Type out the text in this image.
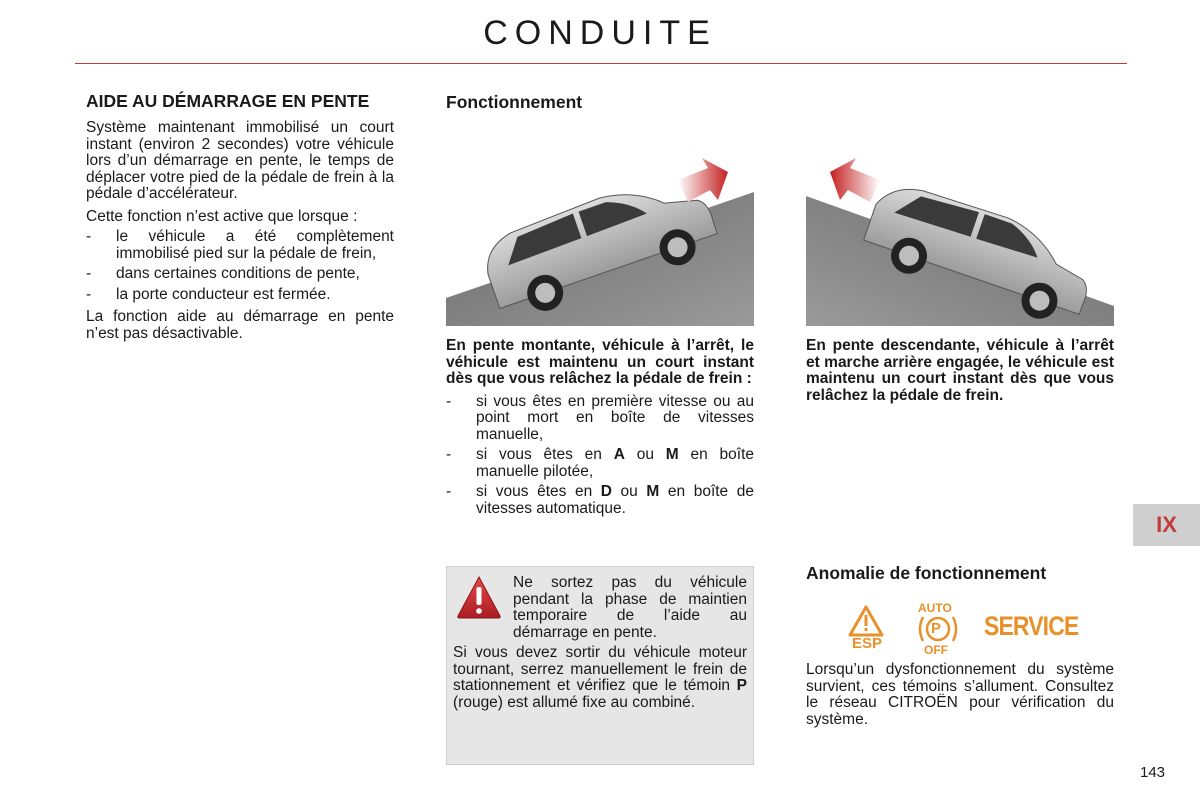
CONDUITE
AIDE AU DÉMARRAGE EN PENTE

Système maintenant immobilisé un court instant (environ 2 secondes) votre véhicule lors d’un démarrage en pente, le temps de déplacer votre pied de la pédale de frein à la pédale d’accélérateur.

Cette fonction n’est active que lorsque :

- le véhicule a été complètement immobilisé pied sur la pédale de frein,
- dans certaines conditions de pente,
- la porte conducteur est fermée.

La fonction aide au démarrage en pente n’est pas désactivable.

Fonctionnement

En pente montante, véhicule à l’arrêt, le véhicule est maintenu un court instant dès que vous relâchez la pédale de frein :

- si vous êtes en première vitesse ou au point mort en boîte de vitesses manuelle,
- si vous êtes en A ou M en boîte manuelle pilotée,
- si vous êtes en D ou M en boîte de vitesses automatique.

En pente descendante, véhicule à l’arrêt et marche arrière engagée, le véhicule est maintenu un court instant dès que vous relâchez la pédale de frein.

Ne sortez pas du véhicule pendant la phase de maintien temporaire de l’aide au démarrage en pente.

Si vous devez sortir du véhicule moteur tournant, serrez manuellement le frein de stationnement et vérifiez que le témoin P (rouge) est allumé fixe au combiné.

Anomalie de fonctionnement
ESP
AUTO
P
OFF
SERVICE

Lorsqu’un dysfonctionnement du système survient, ces témoins s’allument. Consultez le réseau CITROËN pour vérification du système.

IX
143
